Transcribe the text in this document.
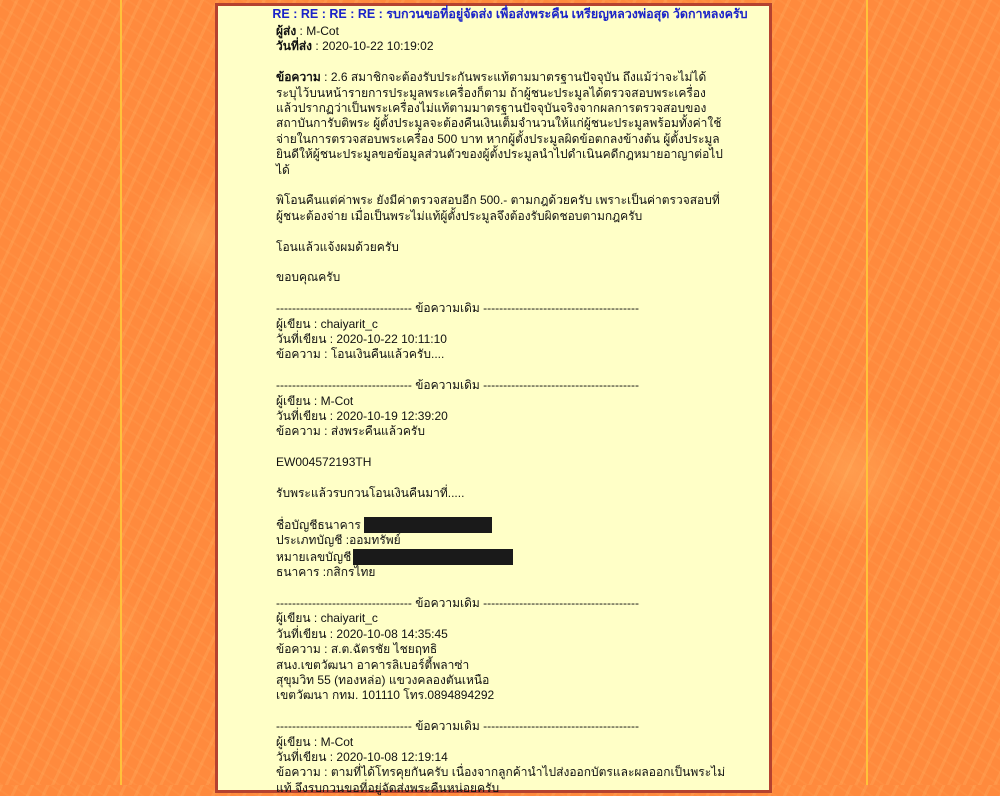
RE : RE : RE : RE : รบกวนขอที่อยู่จัดส่ง เพื่อส่งพระคืน เหรียญหลวงพ่อสุด วัดกาหลงครับ
ผู้ส่ง : M-Cot
วันที่ส่ง : 2020-10-22 10:19:02
ข้อความ : 2.6 สมาชิกจะต้องรับประกันพระแท้ตามมาตรฐานปัจจุบัน ถึงแม้ว่าจะไม่ได้ระบุไว้บนหน้ารายการประมูลพระเครื่องก็ตาม ถ้าผู้ชนะประมูลได้ตรวจสอบพระเครื่องแล้วปรากฏว่าเป็นพระเครื่องไม่แท้ตามมาตรฐานปัจจุบันจริงจากผลการตรวจสอบของสถาบันการับติพระ ผู้ตั้งประมูลจะต้องคืนเงินเต็มจำนวนให้แก่ผู้ชนะประมูลพร้อมทั้งค่าใช้จ่ายในการตรวจสอบพระเครื่อง 500 บาท หากผู้ตั้งประมูลผิดข้อตกลงข้างต้น ผู้ตั้งประมูลยินดีให้ผู้ชนะประมูลขอข้อมูลส่วนตัวของผู้ตั้งประมูลนำไปดำเนินคดีกฎหมายอาญาต่อไปได้
พิโอนคืนแต่ค่าพระ ยังมีค่าตรวจสอบอีก 500.- ตามกฎด้วยครับ เพราะเป็นค่าตรวจสอบที่ผู้ชนะต้องจ่าย เมื่อเป็นพระไม่แท้ผู้ตั้งประมูลจึงต้องรับผิดชอบตามกฎครับ
โอนแล้วแจ้งผมด้วยครับ
ขอบคุณครับ
---------------------------------- ข้อความเดิม ---------------------------------------
ผู้เขียน : chaiyarit_c
วันที่เขียน : 2020-10-22 10:11:10
ข้อความ : โอนเงินคืนแล้วครับ....
---------------------------------- ข้อความเดิม ---------------------------------------
ผู้เขียน : M-Cot
วันที่เขียน : 2020-10-19 12:39:20
ข้อความ : ส่งพระคืนแล้วครับ
EW004572193TH
รับพระแล้วรบกวนโอนเงินคืนมาที่.....
ชื่อบัญชีธนาคาร
ประเภทบัญชี :ออมทรัพย์
หมายเลขบัญชี
ธนาคาร :กสิกรไทย
---------------------------------- ข้อความเดิม ---------------------------------------
ผู้เขียน : chaiyarit_c
วันที่เขียน : 2020-10-08 14:35:45
ข้อความ : ส.ต.ฉัตรชัย ไชยฤทธิ
สนง.เขตวัฒนา อาคารลิเบอร์ตี้พลาซ่า
สุขุมวิท 55 (ทองหล่อ) แขวงคลองตันเหนือ
เขตวัฒนา กทม. 101110 โทร.0894894292
---------------------------------- ข้อความเดิม ---------------------------------------
ผู้เขียน : M-Cot
วันที่เขียน : 2020-10-08 12:19:14
ข้อความ : ตามที่ได้โทรคุยกันครับ เนื่องจากลูกค้านำไปส่งออกบัตรและผลออกเป็นพระไม่แท้ จึงรบกวนขอที่อยู่จัดส่งพระคืนหน่อยครับ
